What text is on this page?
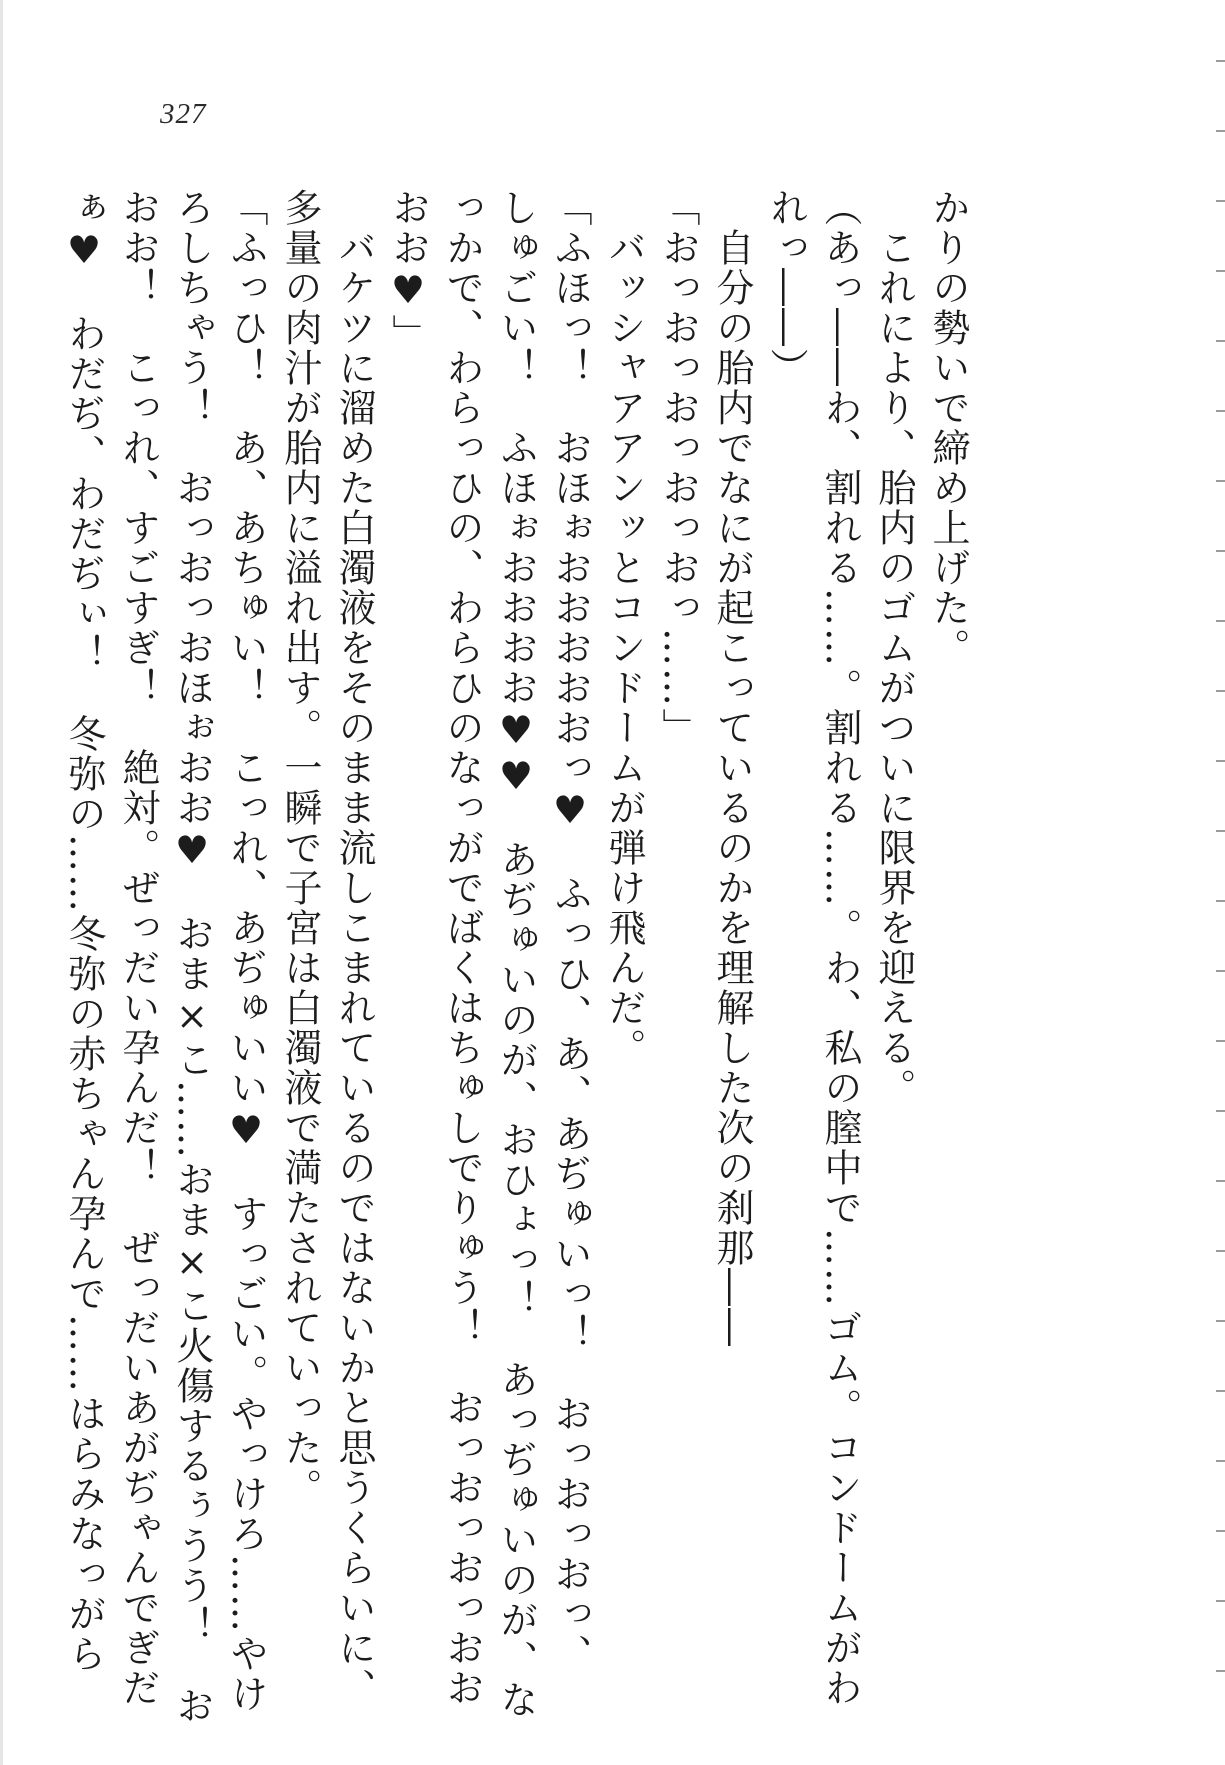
327

かりの勢いで締め上げた。

　これにより、胎内のゴムがついに限界を迎える。

（あっ――わ、割れる……。割れる……。わ、私の膣中で……ゴム。コンドームがわ

れっ――）

　自分の胎内でなにが起こっているのかを理解した次の刹那――

「おっおっおっおっおっ……」

　バッシャアアンッとコンドームが弾け飛んだ。

「ふほっ！　おほぉおおおおおっ♥　ふっひ、あ、あぢゅいっ！　おっおっおっ、

しゅごい！　ふほぉおおおお♥♥　あぢゅいのが、おひょっ！　あっぢゅいのが、な

っかで、わらっひの、わらひのなっがでばくはちゅしでりゅう！　おっおっおっおお

おお♥」

　バケツに溜めた白濁液をそのまま流しこまれているのではないかと思うくらいに、

多量の肉汁が胎内に溢れ出す。一瞬で子宮は白濁液で満たされていった。

「ふっひ！　あ、あちゅい！　こっれ、あぢゅいい♥　すっごい。やっけろ……やけ

ろしちゃう！　おっおっおほぉおお♥　おま×こ……おま×こ火傷するぅうう！　お

おお！　こっれ、すごすぎ！　絶対。ぜっだい孕んだ！　ぜっだいあがぢゃんでぎだ

ぁ♥　わだぢ、わだぢぃ！　冬弥の……冬弥の赤ちゃん孕んで……はらみなっがら
